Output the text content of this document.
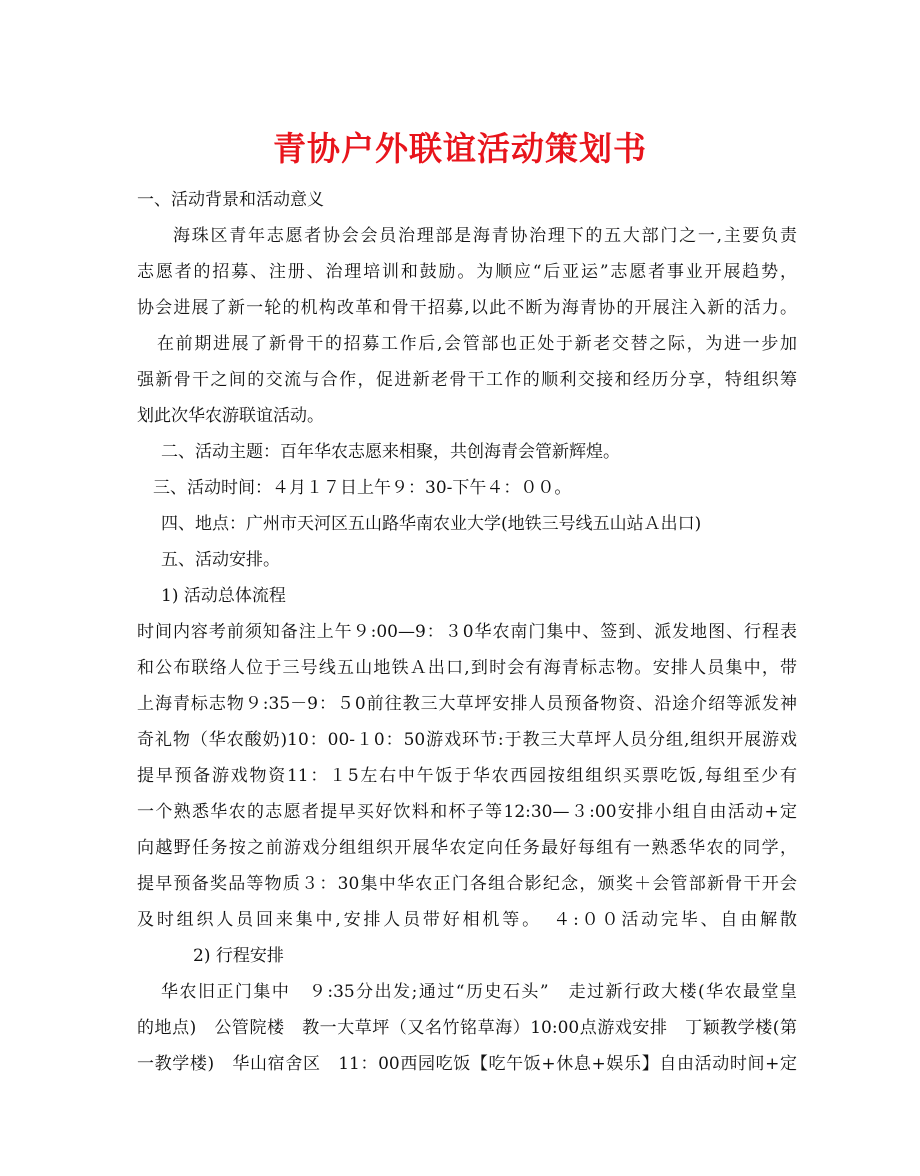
青协户外联谊活动策划书
一、活动背景和活动意义
海珠区青年志愿者协会会员治理部是海青协治理下的五大部门之一,主要负责
志愿者的招募、注册、治理培训和鼓励。为顺应“后亚运”志愿者事业开展趋势，
协会进展了新一轮的机构改革和骨干招募,以此不断为海青协的开展注入新的活力。
在前期进展了新骨干的招募工作后,会管部也正处于新老交替之际，为进一步加
强新骨干之间的交流与合作，促进新老骨干工作的顺利交接和经历分享，特组织筹
划此次华农游联谊活动。
二、活动主题：百年华农志愿来相聚，共创海青会管新辉煌。
三、活动时间：４月１７日上午９：30-下午４：００。
四、地点：广州市天河区五山路华南农业大学(地铁三号线五山站Ａ出口)
五、活动安排。
1) 活动总体流程
时间内容考前须知备注上午９:00—9：３0华农南门集中、签到、派发地图、行程表
和公布联络人位于三号线五山地铁Ａ出口,到时会有海青标志物。安排人员集中，带
上海青标志物９:35－9：５0前往教三大草坪安排人员预备物资、沿途介绍等派发神
奇礼物（华农酸奶)10：00-１0：50游戏环节:于教三大草坪人员分组,组织开展游戏
提早预备游戏物资11：１5左右中午饭于华农西园按组组织买票吃饭,每组至少有
一个熟悉华农的志愿者提早买好饮料和杯子等12:30—３:00安排小组自由活动+定
向越野任务按之前游戏分组组织开展华农定向任务最好每组有一熟悉华农的同学，
提早预备奖品等物质３：30集中华农正门各组合影纪念，颁奖＋会管部新骨干开会
及时组织人员回来集中,安排人员带好相机等。　４:００活动完毕、自由解散
2) 行程安排
华农旧正门集中　９:35分出发;通过“历史石头”　走过新行政大楼(华农最堂皇
的地点)　公管院楼　教一大草坪（又名竹铭草海）10:00点游戏安排　丁颖教学楼(第
一教学楼)　华山宿舍区　11：00西园吃饭【吃午饭+休息+娱乐】自由活动时间+定
